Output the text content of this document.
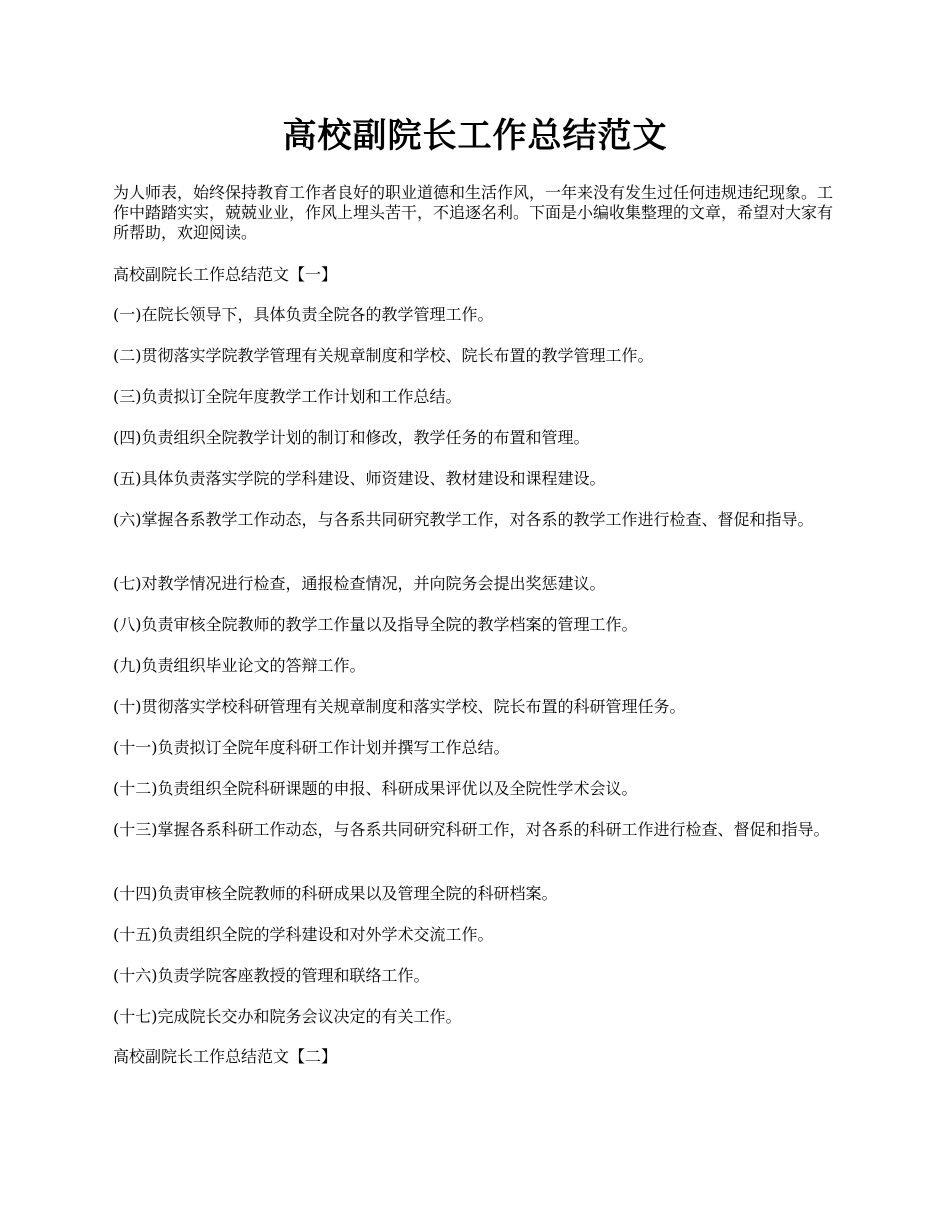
高校副院长工作总结范文

为人师表，始终保持教育工作者良好的职业道德和生活作风，一年来没有发生过任何违规违纪现象。工作中踏踏实实，兢兢业业，作风上埋头苦干，不追逐名利。下面是小编收集整理的文章，希望对大家有所帮助，欢迎阅读。

高校副院长工作总结范文【一】

(一)在院长领导下，具体负责全院各的教学管理工作。

(二)贯彻落实学院教学管理有关规章制度和学校、院长布置的教学管理工作。

(三)负责拟订全院年度教学工作计划和工作总结。

(四)负责组织全院教学计划的制订和修改，教学任务的布置和管理。

(五)具体负责落实学院的学科建设、师资建设、教材建设和课程建设。

(六)掌握各系教学工作动态，与各系共同研究教学工作，对各系的教学工作进行检查、督促和指导。

(七)对教学情况进行检查，通报检查情况，并向院务会提出奖惩建议。

(八)负责审核全院教师的教学工作量以及指导全院的教学档案的管理工作。

(九)负责组织毕业论文的答辩工作。

(十)贯彻落实学校科研管理有关规章制度和落实学校、院长布置的科研管理任务。

(十一)负责拟订全院年度科研工作计划并撰写工作总结。

(十二)负责组织全院科研课题的申报、科研成果评优以及全院性学术会议。

(十三)掌握各系科研工作动态，与各系共同研究科研工作，对各系的科研工作进行检查、督促和指导。

(十四)负责审核全院教师的科研成果以及管理全院的科研档案。

(十五)负责组织全院的学科建设和对外学术交流工作。

(十六)负责学院客座教授的管理和联络工作。

(十七)完成院长交办和院务会议决定的有关工作。

高校副院长工作总结范文【二】
